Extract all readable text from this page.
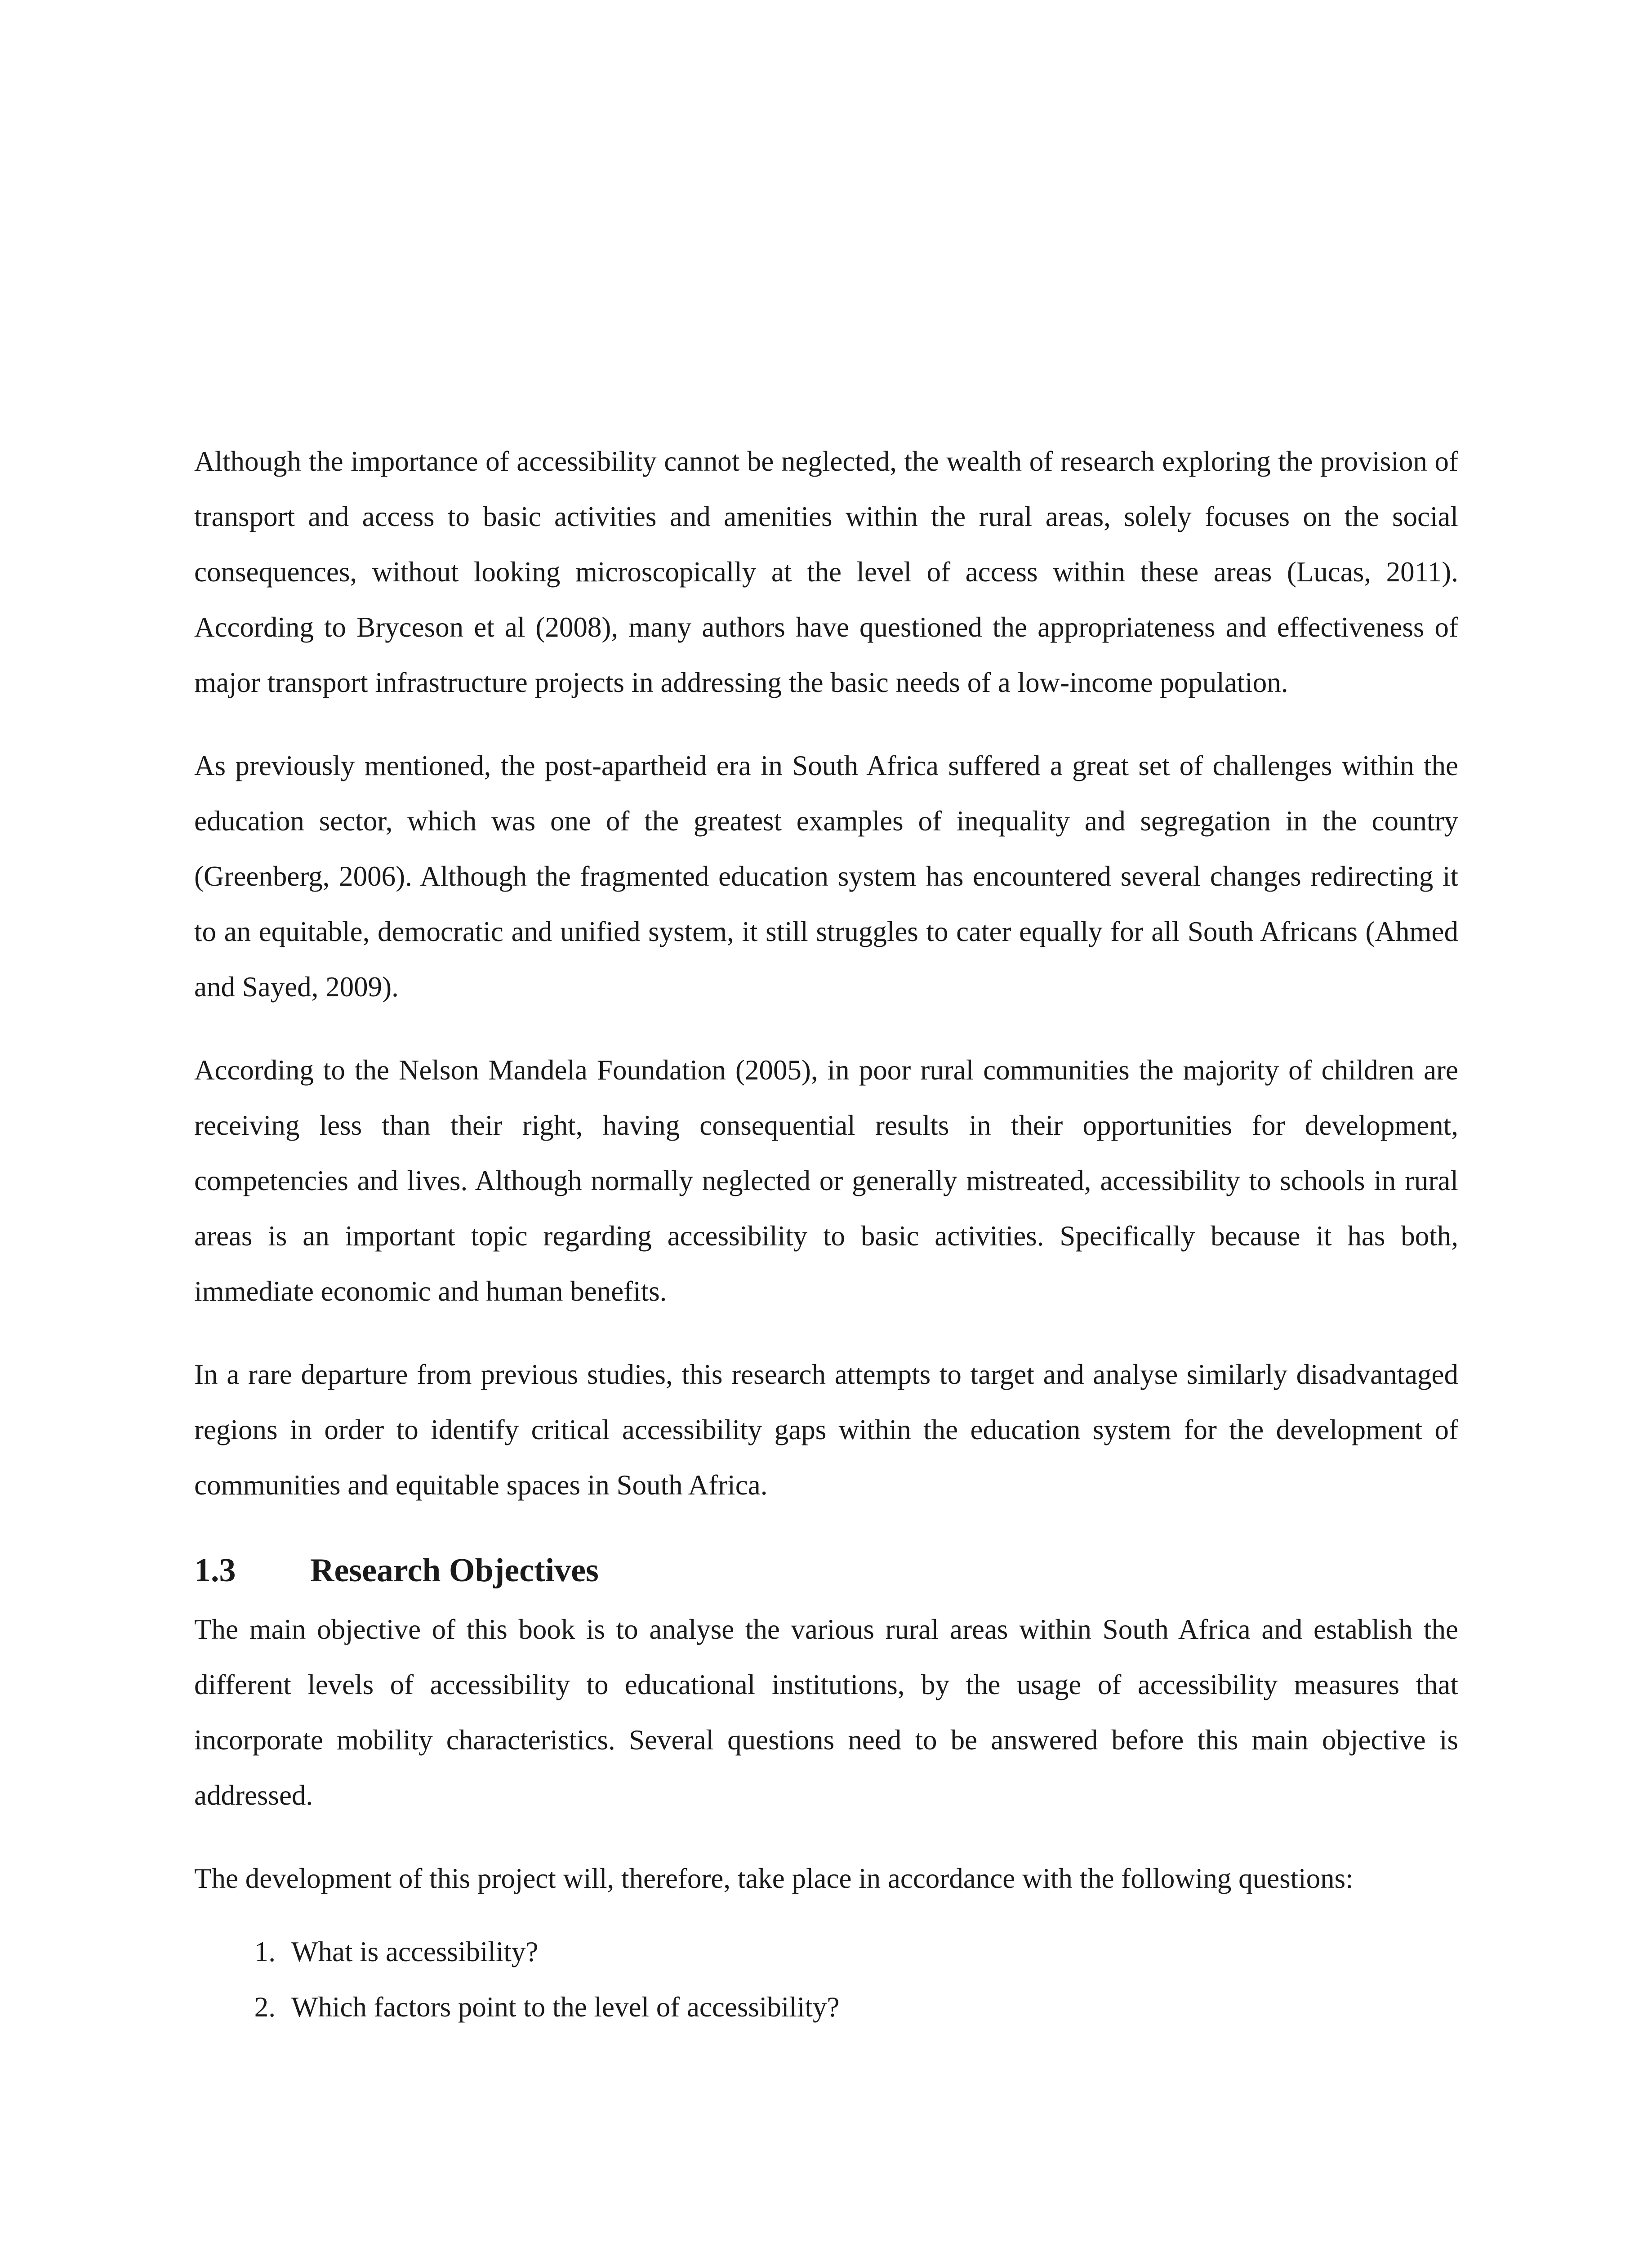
Although the importance of accessibility cannot be neglected, the wealth of research exploring the provision of transport and access to basic activities and amenities within the rural areas, solely focuses on the social consequences, without looking microscopically at the level of access within these areas (Lucas, 2011). According to Bryceson et al (2008), many authors have questioned the appropriateness and effectiveness of major transport infrastructure projects in addressing the basic needs of a low-income population.

As previously mentioned, the post-apartheid era in South Africa suffered a great set of challenges within the education sector, which was one of the greatest examples of inequality and segregation in the country (Greenberg, 2006). Although the fragmented education system has encountered several changes redirecting it to an equitable, democratic and unified system, it still struggles to cater equally for all South Africans (Ahmed and Sayed, 2009).

According to the Nelson Mandela Foundation (2005), in poor rural communities the majority of children are receiving less than their right, having consequential results in their opportunities for development, competencies and lives. Although normally neglected or generally mistreated, accessibility to schools in rural areas is an important topic regarding accessibility to basic activities. Specifically because it has both, immediate economic and human benefits.

In a rare departure from previous studies, this research attempts to target and analyse similarly disadvantaged regions in order to identify critical accessibility gaps within the education system for the development of communities and equitable spaces in South Africa.

1.3	Research Objectives

The main objective of this book is to analyse the various rural areas within South Africa and establish the different levels of accessibility to educational institutions, by the usage of accessibility measures that incorporate mobility characteristics. Several questions need to be answered before this main objective is addressed.

The development of this project will, therefore, take place in accordance with the following questions:

1. What is accessibility?
2. Which factors point to the level of accessibility?
